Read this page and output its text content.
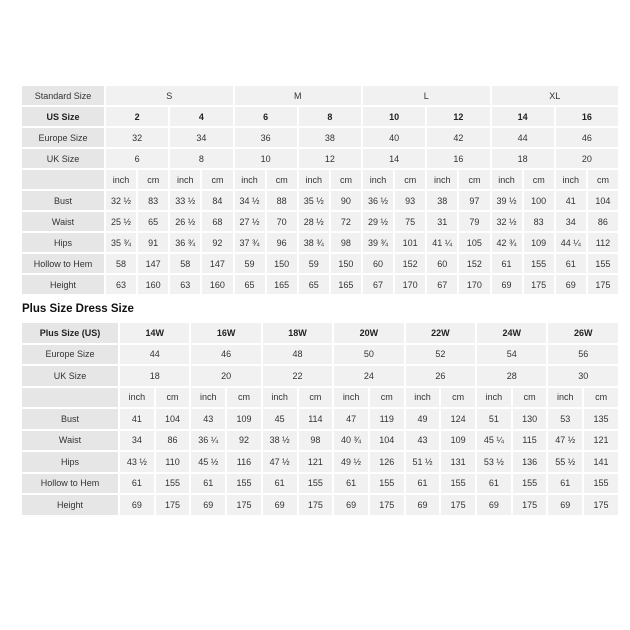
Standard Size	S				M				L				XL			
US Size	2		4		6		8		10		12		14		16	
Europe Size	32		34		36		38		40		42		44		46	
UK Size	6		8		10		12		14		16		18		20	
	inch	cm	inch	cm	inch	cm	inch	cm	inch	cm	inch	cm	inch	cm	inch	cm
Bust	32 ½	83	33 ½	84	34 ½	88	35 ½	90	36 ½	93	38	97	39 ½	100	41	104
Waist	25 ½	65	26 ½	68	27 ½	70	28 ½	72	29 ½	75	31	79	32 ½	83	34	86
Hips	35 ¾	91	36 ¾	92	37 ¾	96	38 ¾	98	39 ¾	101	41 ¼	105	42 ¾	109	44 ¼	112
Hollow to Hem	58	147	58	147	59	150	59	150	60	152	60	152	61	155	61	155
Height	63	160	63	160	65	165	65	165	67	170	67	170	69	175	69	175
Plus Size Dress Size
Plus Size (US)	14W		16W		18W		20W		22W		24W		26W	
Europe Size	44		46		48		50		52		54		56	
UK Size	18		20		22		24		26		28		30	
	inch	cm	inch	cm	inch	cm	inch	cm	inch	cm	inch	cm	inch	cm
Bust	41	104	43	109	45	114	47	119	49	124	51	130	53	135
Waist	34	86	36 ¼	92	38 ½	98	40 ¾	104	43	109	45 ¼	115	47 ½	121
Hips	43 ½	110	45 ½	116	47 ½	121	49 ½	126	51 ½	131	53 ½	136	55 ½	141
Hollow to Hem	61	155	61	155	61	155	61	155	61	155	61	155	61	155
Height	69	175	69	175	69	175	69	175	69	175	69	175	69	175
